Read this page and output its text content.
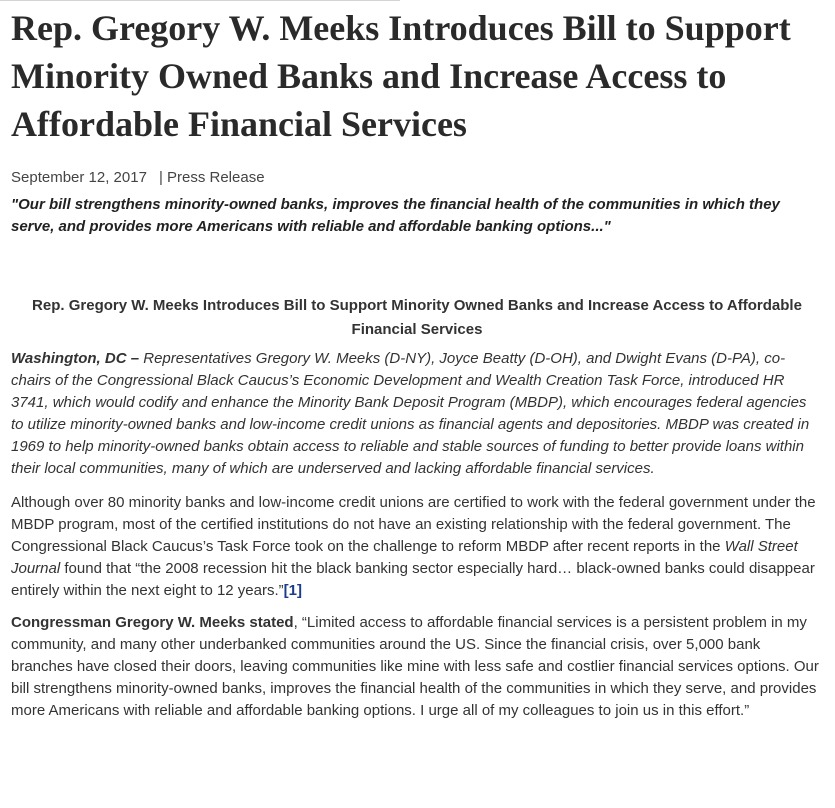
Rep. Gregory W. Meeks Introduces Bill to Support Minority Owned Banks and Increase Access to Affordable Financial Services
September 12, 2017 | Press Release
"Our bill strengthens minority-owned banks, improves the financial health of the communities in which they serve, and provides more Americans with reliable and affordable banking options..."
Rep. Gregory W. Meeks Introduces Bill to Support Minority Owned Banks and Increase Access to Affordable Financial Services

Washington, DC – Representatives Gregory W. Meeks (D-NY), Joyce Beatty (D-OH), and Dwight Evans (D-PA), co-chairs of the Congressional Black Caucus’s Economic Development and Wealth Creation Task Force, introduced HR 3741, which would codify and enhance the Minority Bank Deposit Program (MBDP), which encourages federal agencies to utilize minority-owned banks and low-income credit unions as financial agents and depositories. MBDP was created in 1969 to help minority-owned banks obtain access to reliable and stable sources of funding to better provide loans within their local communities, many of which are underserved and lacking affordable financial services.

Although over 80 minority banks and low-income credit unions are certified to work with the federal government under the MBDP program, most of the certified institutions do not have an existing relationship with the federal government. The Congressional Black Caucus’s Task Force took on the challenge to reform MBDP after recent reports in the Wall Street Journal found that “the 2008 recession hit the black banking sector especially hard… black-owned banks could disappear entirely within the next eight to 12 years.”[1]

Congressman Gregory W. Meeks stated, “Limited access to affordable financial services is a persistent problem in my community, and many other underbanked communities around the US. Since the financial crisis, over 5,000 bank branches have closed their doors, leaving communities like mine with less safe and costlier financial services options. Our bill strengthens minority-owned banks, improves the financial health of the communities in which they serve, and provides more Americans with reliable and affordable banking options. I urge all of my colleagues to join us in this effort.”
